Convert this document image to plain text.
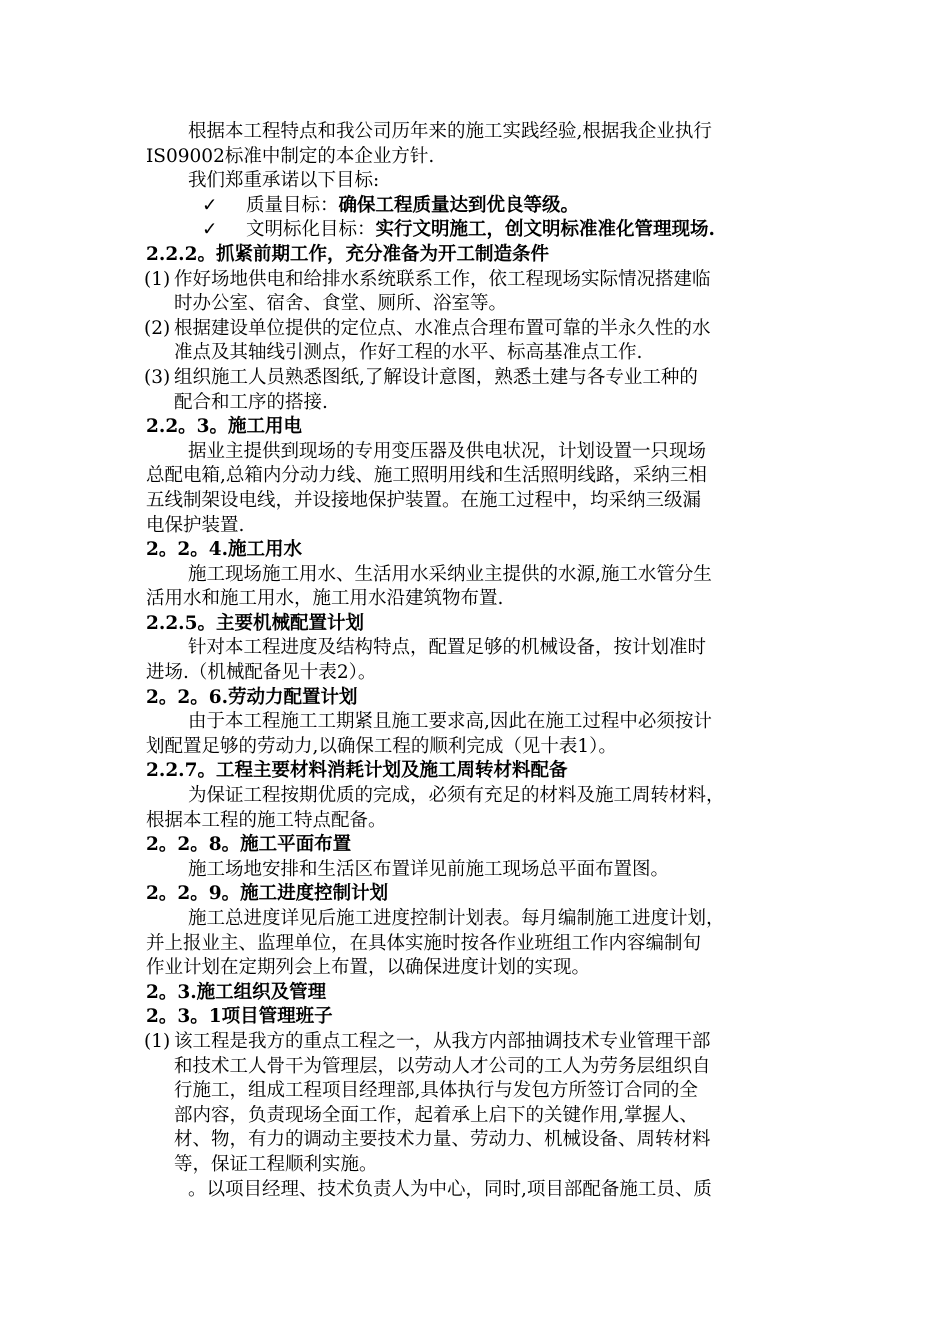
根据本工程特点和我公司历年来的施工实践经验,根据我企业执行

IS09002标准中制定的本企业方针.

我们郑重承诺以下目标:

✓ 质量目标：确保工程质量达到优良等级。
✓ 文明标化目标：实行文明施工，创文明标准准化管理现场.

2.2.2。抓紧前期工作，充分准备为开工制造条件

(1) 作好场地供电和给排水系统联系工作，依工程现场实际情况搭建临
时办公室、宿舍、食堂、厕所、浴室等。
(2) 根据建设单位提供的定位点、水准点合理布置可靠的半永久性的水
准点及其轴线引测点，作好工程的水平、标高基准点工作.
(3) 组织施工人员熟悉图纸,了解设计意图，熟悉土建与各专业工种的
配合和工序的搭接.

2.2。3。施工用电

据业主提供到现场的专用变压器及供电状况，计划设置一只现场

总配电箱,总箱内分动力线、施工照明用线和生活照明线路，采纳三相

五线制架设电线，并设接地保护装置。在施工过程中，均采纳三级漏

电保护装置.

2。2。4.施工用水

施工现场施工用水、生活用水采纳业主提供的水源,施工水管分生

活用水和施工用水，施工用水沿建筑物布置.

2.2.5。主要机械配置计划

针对本工程进度及结构特点，配置足够的机械设备，按计划准时

进场.（机械配备见十表2）。

2。2。6.劳动力配置计划

由于本工程施工工期紧且施工要求高,因此在施工过程中必须按计

划配置足够的劳动力,以确保工程的顺利完成（见十表1）。

2.2.7。工程主要材料消耗计划及施工周转材料配备

为保证工程按期优质的完成，必须有充足的材料及施工周转材料，

根据本工程的施工特点配备。

2。2。8。施工平面布置

施工场地安排和生活区布置详见前施工现场总平面布置图。

2。2。9。施工进度控制计划

施工总进度详见后施工进度控制计划表。每月编制施工进度计划，

并上报业主、监理单位，在具体实施时按各作业班组工作内容编制旬

作业计划在定期列会上布置，以确保进度计划的实现。

2。3.施工组织及管理

2。3。1项目管理班子

(1) 该工程是我方的重点工程之一，从我方内部抽调技术专业管理干部
和技术工人骨干为管理层，以劳动人才公司的工人为劳务层组织自
行施工，组成工程项目经理部,具体执行与发包方所签订合同的全
部内容，负责现场全面工作，起着承上启下的关键作用,掌握人、
材、物，有力的调动主要技术力量、劳动力、机械设备、周转材料
等，保证工程顺利实施。

。以项目经理、技术负责人为中心，同时,项目部配备施工员、质
